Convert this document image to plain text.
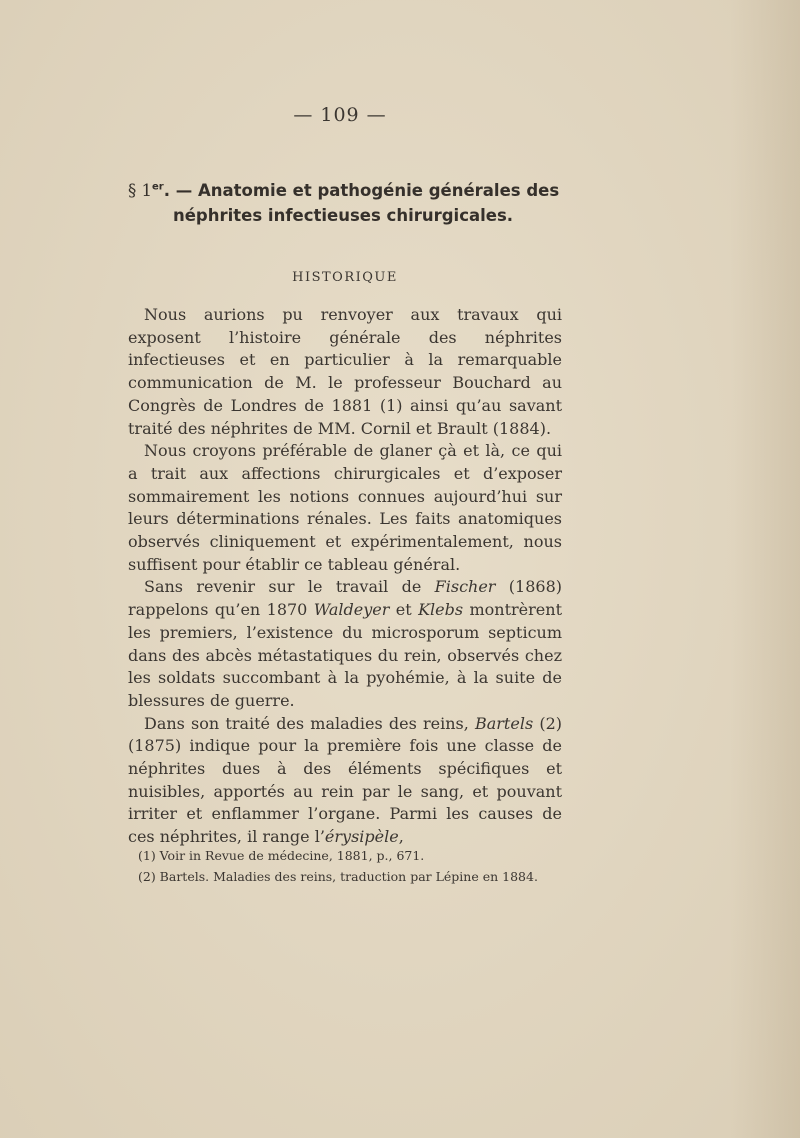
— 109 —
§ 1er. — Anatomie et pathogénie générales des
néphrites infectieuses chirurgicales.
HISTORIQUE

Nous aurions pu renvoyer aux travaux qui exposent l’histoire générale des néphrites infectieuses et en particulier à la remarquable communication de M. le professeur Bouchard au Congrès de Londres de 1881 (1) ainsi qu’au savant traité des néphrites de MM. Cornil et Brault (1884).

Nous croyons préférable de glaner çà et là, ce qui a trait aux affections chirurgicales et d’exposer sommairement les notions connues aujourd’hui sur leurs déterminations rénales. Les faits anatomiques observés cliniquement et expérimentalement, nous suffisent pour établir ce tableau général.

Sans revenir sur le travail de Fischer (1868) rappelons qu’en 1870 Waldeyer et Klebs montrèrent les premiers, l’existence du microsporum septicum dans des abcès métastatiques du rein, observés chez les soldats succombant à la pyohémie, à la suite de blessures de guerre.

Dans son traité des maladies des reins, Bartels (2) (1875) indique pour la première fois une classe de néphrites dues à des éléments spécifiques et nuisibles, apportés au rein par le sang, et pouvant irriter et enflammer l’organe. Parmi les causes de ces néphrites, il range l’érysipèle,

(1) Voir in Revue de médecine, 1881, p., 671.
(2) Bartels. Maladies des reins, traduction par Lépine en 1884.
